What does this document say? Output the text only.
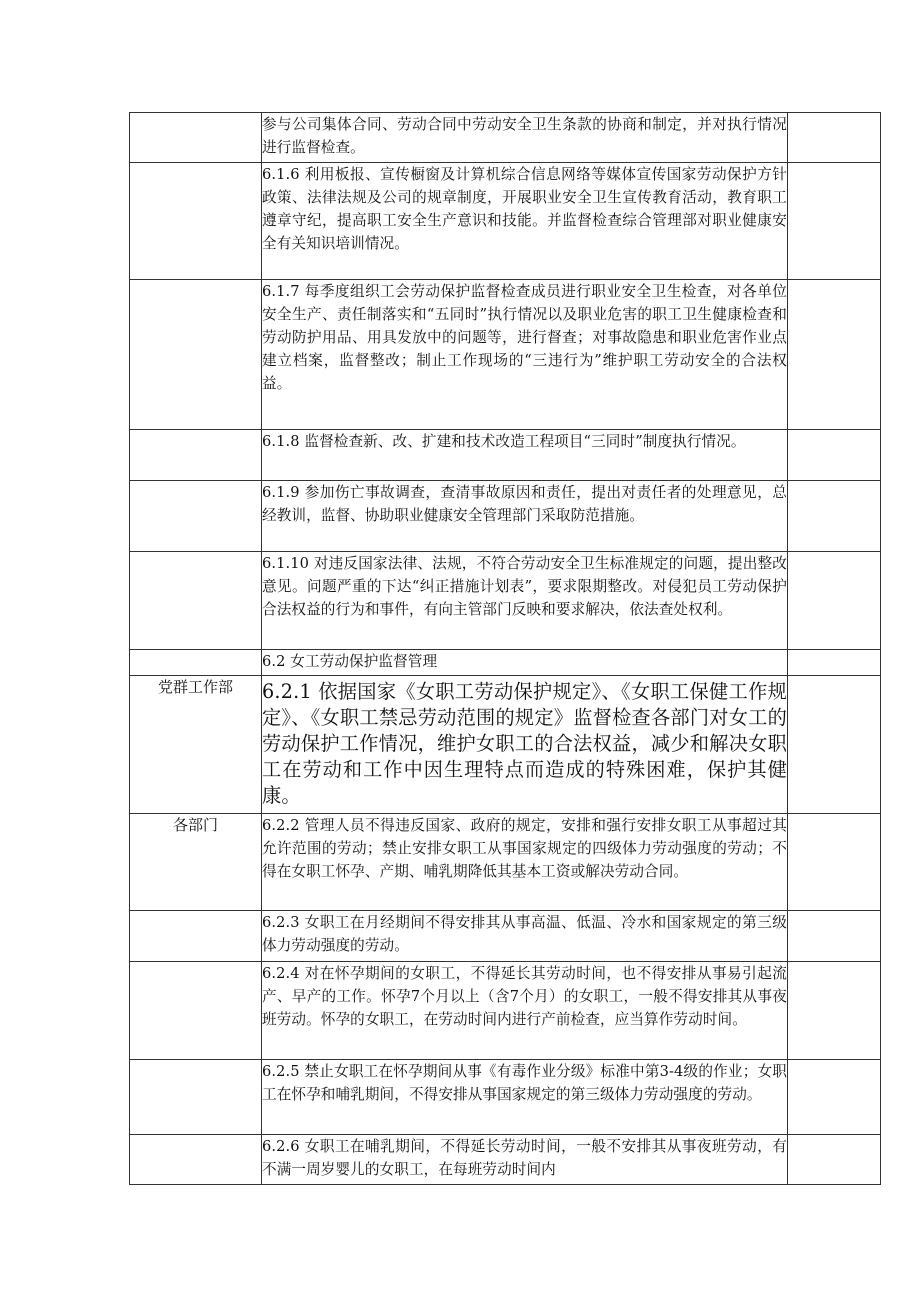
	参与公司集体合同、劳动合同中劳动安全卫生条款的协商和制定，并对执行情况进行监督检查。	
	6.1.6 利用板报、宣传橱窗及计算机综合信息网络等媒体宣传国家劳动保护方针政策、法律法规及公司的规章制度，开展职业安全卫生宣传教育活动，教育职工遵章守纪，提高职工安全生产意识和技能。并监督检查综合管理部对职业健康安全有关知识培训情况。	
	6.1.7 每季度组织工会劳动保护监督检查成员进行职业安全卫生检查，对各单位安全生产、责任制落实和“五同时”执行情况以及职业危害的职工卫生健康检查和劳动防护用品、用具发放中的问题等，进行督查；对事故隐患和职业危害作业点建立档案，监督整改；制止工作现场的“三违行为”维护职工劳动安全的合法权益。	
	6.1.8 监督检查新、改、扩建和技术改造工程项目“三同时”制度执行情况。	
	6.1.9 参加伤亡事故调查，查清事故原因和责任，提出对责任者的处理意见，总经教训，监督、协助职业健康安全管理部门采取防范措施。	
	6.1.10 对违反国家法律、法规，不符合劳动安全卫生标准规定的问题，提出整改意见。问题严重的下达“纠正措施计划表”，要求限期整改。对侵犯员工劳动保护合法权益的行为和事件，有向主管部门反映和要求解决，依法查处权利。	
	6.2 女工劳动保护监督管理	
党群工作部	6.2.1 依据国家《女职工劳动保护规定》、《女职工保健工作规定》、《女职工禁忌劳动范围的规定》监督检查各部门对女工的劳动保护工作情况，维护女职工的合法权益，减少和解决女职工在劳动和工作中因生理特点而造成的特殊困难，保护其健康。	
各部门	6.2.2 管理人员不得违反国家、政府的规定，安排和强行安排女职工从事超过其允许范围的劳动；禁止安排女职工从事国家规定的四级体力劳动强度的劳动；不得在女职工怀孕、产期、哺乳期降低其基本工资或解决劳动合同。	
	6.2.3 女职工在月经期间不得安排其从事高温、低温、冷水和国家规定的第三级体力劳动强度的劳动。	
	6.2.4 对在怀孕期间的女职工，不得延长其劳动时间，也不得安排从事易引起流产、早产的工作。怀孕7个月以上（含7个月）的女职工，一般不得安排其从事夜班劳动。怀孕的女职工，在劳动时间内进行产前检查，应当算作劳动时间。	
	6.2.5 禁止女职工在怀孕期间从事《有毒作业分级》标准中第3-4级的作业；女职工在怀孕和哺乳期间，不得安排从事国家规定的第三级体力劳动强度的劳动。	
	6.2.6 女职工在哺乳期间，不得延长劳动时间，一般不安排其从事夜班劳动，有不满一周岁婴儿的女职工，在每班劳动时间内	
